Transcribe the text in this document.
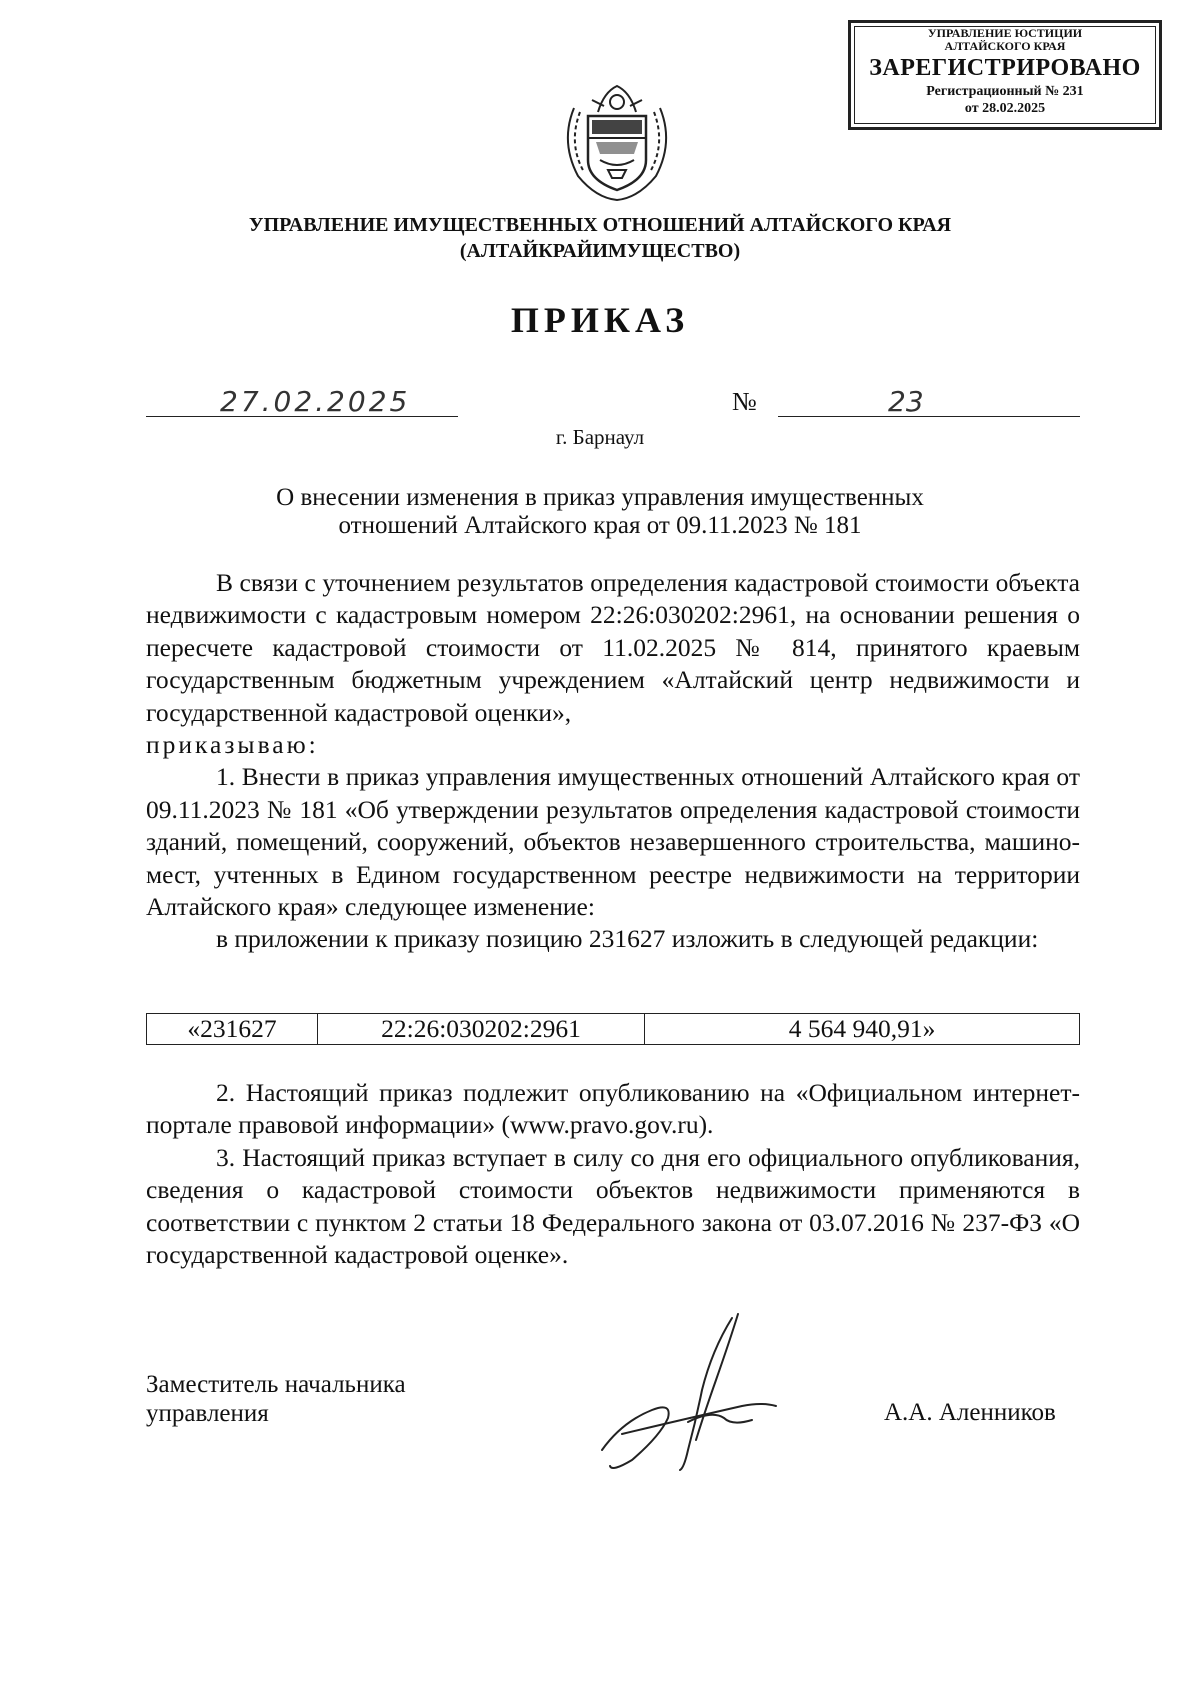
УПРАВЛЕНИЕ ЮСТИЦИИ
АЛТАЙСКОГО КРАЯ
ЗАРЕГИСТРИРОВАНО
Регистрационный № 231
от 28.02.2025
УПРАВЛЕНИЕ ИМУЩЕСТВЕННЫХ ОТНОШЕНИЙ АЛТАЙСКОГО КРАЯ
(АЛТАЙКРАЙИМУЩЕСТВО)
ПРИКАЗ
27.02.2025	№	23
г. Барнаул
О внесении изменения в приказ управления имущественных
отношений Алтайского края от 09.11.2023 № 181

В связи с уточнением результатов определения кадастровой стоимости объекта недвижимости с кадастровым номером 22:26:030202:2961, на основании решения о пересчете кадастровой стоимости от 11.02.2025 № 814, принятого краевым государственным бюджетным учреждением «Алтайский центр недвижимости и государственной кадастровой оценки»,

приказываю:

1. Внести в приказ управления имущественных отношений Алтайского края от 09.11.2023 № 181 «Об утверждении результатов определения кадастровой стоимости зданий, помещений, сооружений, объектов незавершенного строительства, машино-мест, учтенных в Едином государственном реестре недвижимости на территории Алтайского края» следующее изменение:

в приложении к приказу позицию 231627 изложить в следующей редакции:

«231627	22:26:030202:2961	4 564 940,91»

2. Настоящий приказ подлежит опубликованию на «Официальном интернет-портале правовой информации» (www.pravo.gov.ru).

3. Настоящий приказ вступает в силу со дня его официального опубликования, сведения о кадастровой стоимости объектов недвижимости применяются в соответствии с пунктом 2 статьи 18 Федерального закона от 03.07.2016 № 237-ФЗ «О государственной кадастровой оценке».

Заместитель начальника
управления	А.А. Аленников
